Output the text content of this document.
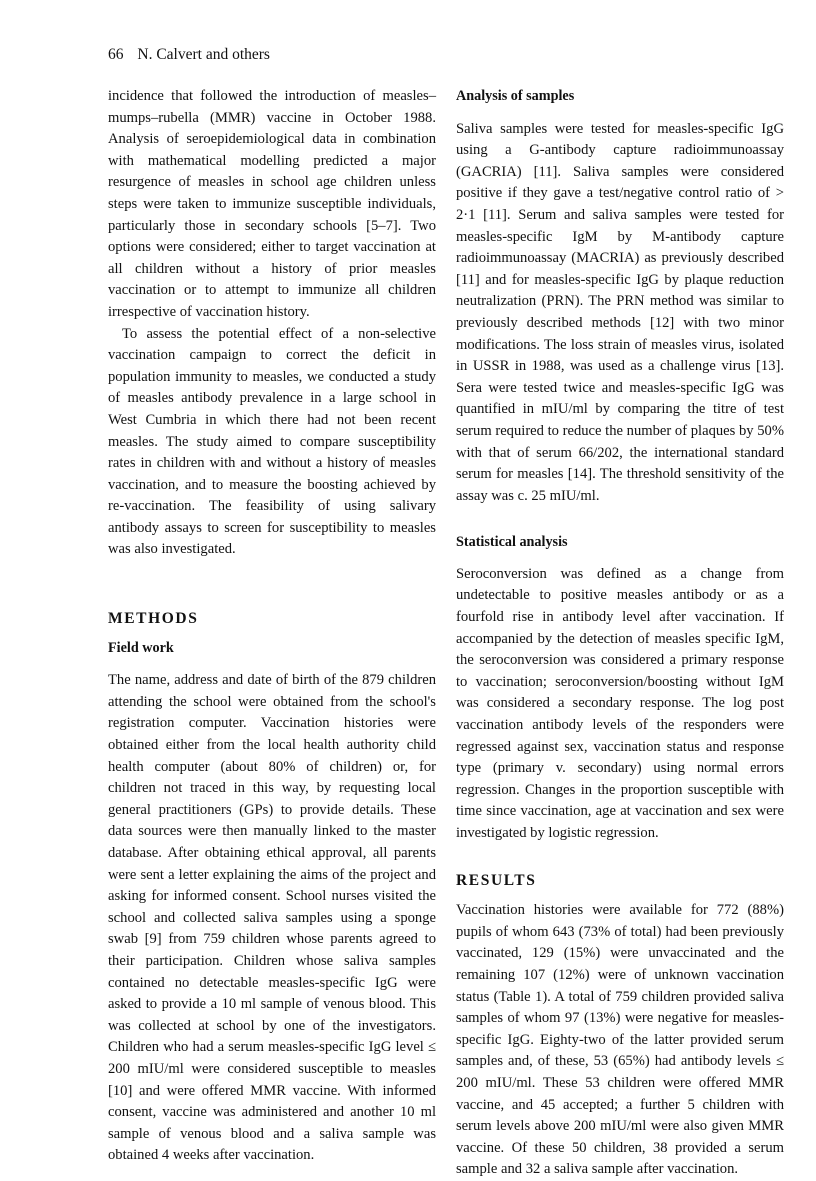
66 N. Calvert and others

incidence that followed the introduction of measles–mumps–rubella (MMR) vaccine in October 1988. Analysis of seroepidemiological data in combination with mathematical modelling predicted a major resurgence of measles in school age children unless steps were taken to immunize susceptible individuals, particularly those in secondary schools [5–7]. Two options were considered; either to target vaccination at all children without a history of prior measles vaccination or to attempt to immunize all children irrespective of vaccination history.

To assess the potential effect of a non-selective vaccination campaign to correct the deficit in population immunity to measles, we conducted a study of measles antibody prevalence in a large school in West Cumbria in which there had not been recent measles. The study aimed to compare susceptibility rates in children with and without a history of measles vaccination, and to measure the boosting achieved by re-vaccination. The feasibility of using salivary antibody assays to screen for susceptibility to measles was also investigated.

METHODS
Field work

The name, address and date of birth of the 879 children attending the school were obtained from the school's registration computer. Vaccination histories were obtained either from the local health authority child health computer (about 80% of children) or, for children not traced in this way, by requesting local general practitioners (GPs) to provide details. These data sources were then manually linked to the master database. After obtaining ethical approval, all parents were sent a letter explaining the aims of the project and asking for informed consent. School nurses visited the school and collected saliva samples using a sponge swab [9] from 759 children whose parents agreed to their participation. Children whose saliva samples contained no detectable measles-specific IgG were asked to provide a 10 ml sample of venous blood. This was collected at school by one of the investigators. Children who had a serum measles-specific IgG level ≤ 200 mIU/ml were considered susceptible to measles [10] and were offered MMR vaccine. With informed consent, vaccine was administered and another 10 ml sample of venous blood and a saliva sample was obtained 4 weeks after vaccination.

Analysis of samples

Saliva samples were tested for measles-specific IgG using a G-antibody capture radioimmunoassay (GACRIA) [11]. Saliva samples were considered positive if they gave a test/negative control ratio of > 2·1 [11]. Serum and saliva samples were tested for measles-specific IgM by M-antibody capture radioimmunoassay (MACRIA) as previously described [11] and for measles-specific IgG by plaque reduction neutralization (PRN). The PRN method was similar to previously described methods [12] with two minor modifications. The loss strain of measles virus, isolated in USSR in 1988, was used as a challenge virus [13]. Sera were tested twice and measles-specific IgG was quantified in mIU/ml by comparing the titre of test serum required to reduce the number of plaques by 50% with that of serum 66/202, the international standard serum for measles [14]. The threshold sensitivity of the assay was c. 25 mIU/ml.

Statistical analysis

Seroconversion was defined as a change from undetectable to positive measles antibody or as a fourfold rise in antibody level after vaccination. If accompanied by the detection of measles specific IgM, the seroconversion was considered a primary response to vaccination; seroconversion/boosting without IgM was considered a secondary response. The log post vaccination antibody levels of the responders were regressed against sex, vaccination status and response type (primary v. secondary) using normal errors regression. Changes in the proportion susceptible with time since vaccination, age at vaccination and sex were investigated by logistic regression.

RESULTS

Vaccination histories were available for 772 (88%) pupils of whom 643 (73% of total) had been previously vaccinated, 129 (15%) were unvaccinated and the remaining 107 (12%) were of unknown vaccination status (Table 1). A total of 759 children provided saliva samples of whom 97 (13%) were negative for measles-specific IgG. Eighty-two of the latter provided serum samples and, of these, 53 (65%) had antibody levels ≤ 200 mIU/ml. These 53 children were offered MMR vaccine, and 45 accepted; a further 5 children with serum levels above 200 mIU/ml were also given MMR vaccine. Of these 50 children, 38 provided a serum sample and 32 a saliva sample after vaccination.
